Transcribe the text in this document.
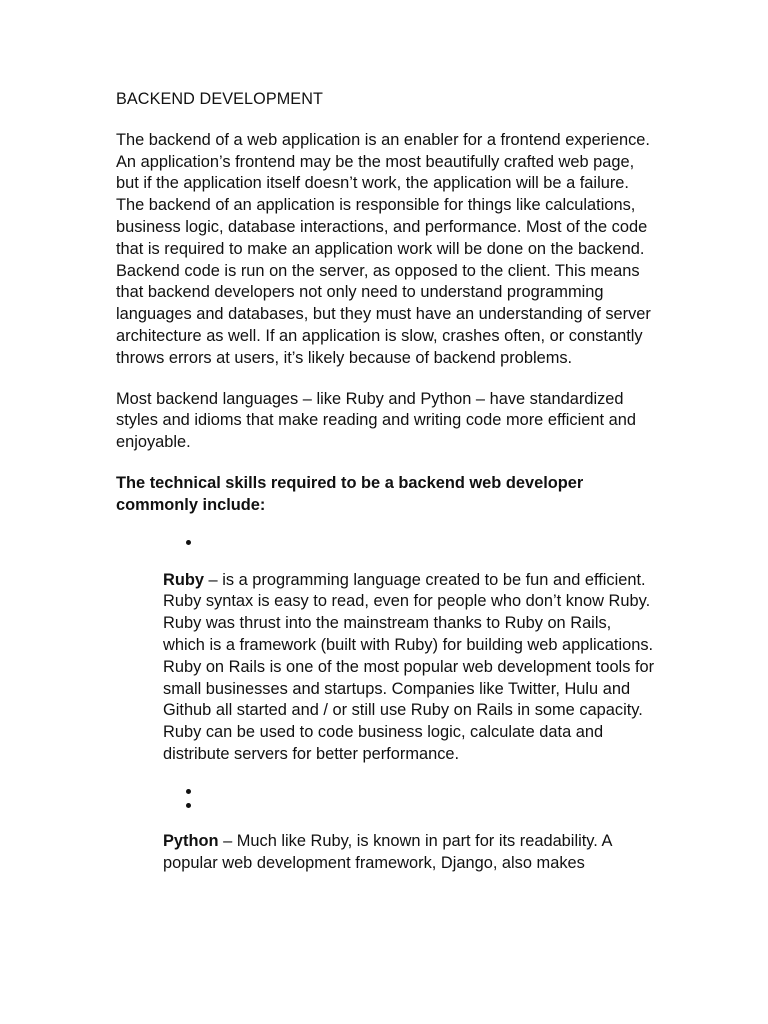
BACKEND DEVELOPMENT

The backend of a web application is an enabler for a frontend experience. An application’s frontend may be the most beautifully crafted web page, but if the application itself doesn’t work, the application will be a failure. The backend of an application is responsible for things like calculations, business logic, database interactions, and performance. Most of the code that is required to make an application work will be done on the backend. Backend code is run on the server, as opposed to the client. This means that backend developers not only need to understand programming languages and databases, but they must have an understanding of server architecture as well. If an application is slow, crashes often, or constantly throws errors at users, it’s likely because of backend problems.

Most backend languages – like Ruby and Python – have standardized styles and idioms that make reading and writing code more efficient and enjoyable.

The technical skills required to be a backend web developer commonly include:

Ruby – is a programming language created to be fun and efficient. Ruby syntax is easy to read, even for people who don’t know Ruby. Ruby was thrust into the mainstream thanks to Ruby on Rails, which is a framework (built with Ruby) for building web applications. Ruby on Rails is one of the most popular web development tools for small businesses and startups. Companies like Twitter, Hulu and Github all started and / or still use Ruby on Rails in some capacity. Ruby can be used to code business logic, calculate data and distribute servers for better performance.

Python – Much like Ruby, is known in part for its readability. A popular web development framework, Django, also makes
